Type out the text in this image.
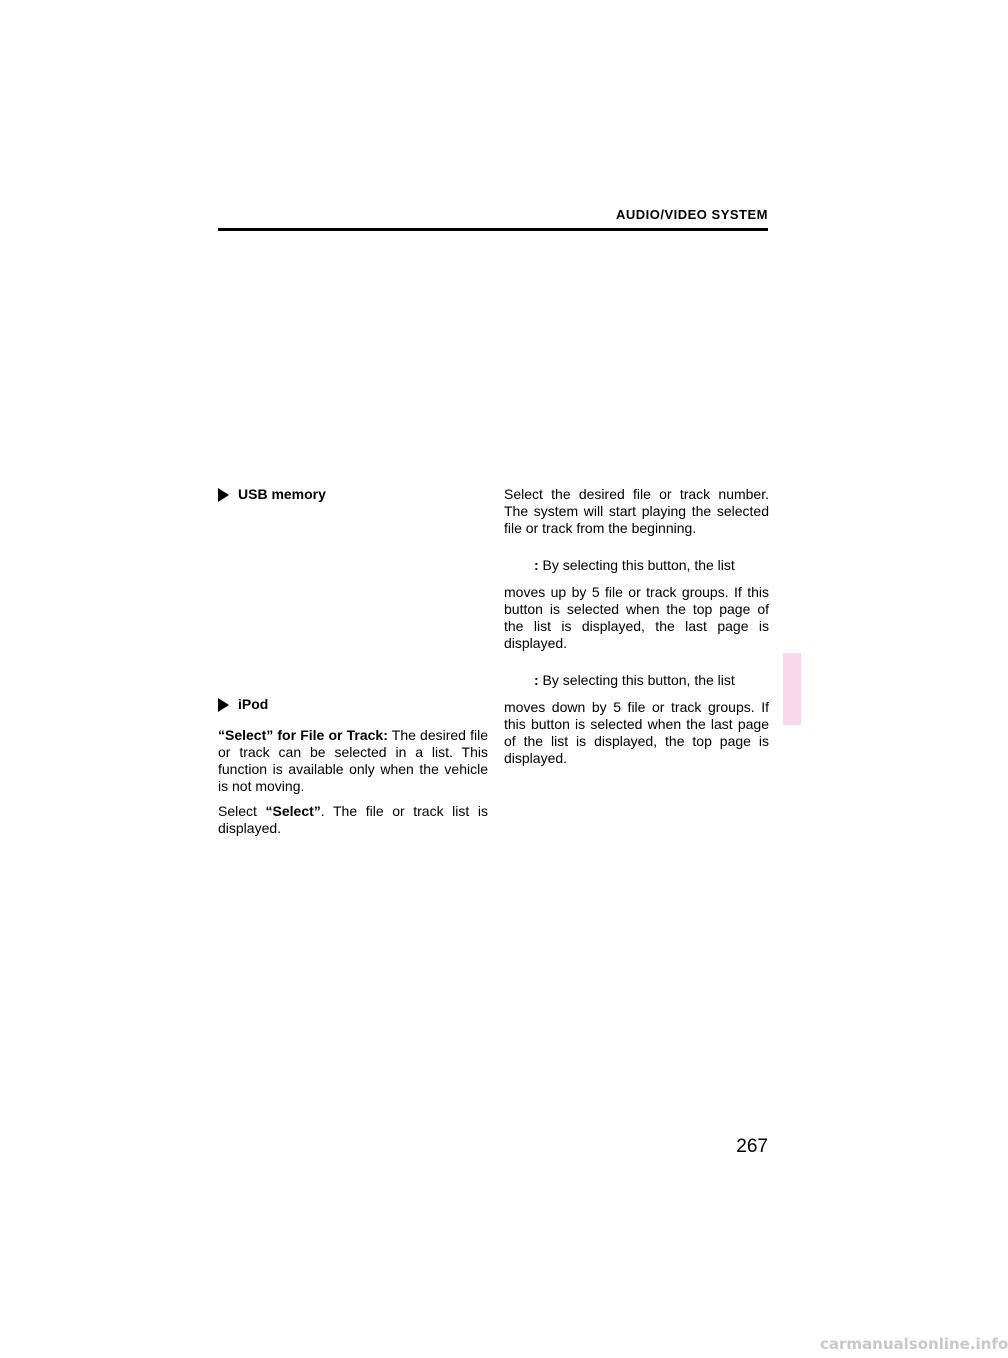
AUDIO/VIDEO SYSTEM
USB memory
iPod

“Select” for File or Track: The desired file or track can be selected in a list. This function is available only when the vehicle is not moving.

Select “Select”. The file or track list is displayed.

Select the desired file or track number. The system will start playing the selected file or track from the beginning.

: By selecting this button, the list

moves up by 5 file or track groups. If this button is selected when the top page of the list is displayed, the last page is displayed.

: By selecting this button, the list

moves down by 5 file or track groups. If this button is selected when the last page of the list is displayed, the top page is displayed.

267
carmanualsonline.info
